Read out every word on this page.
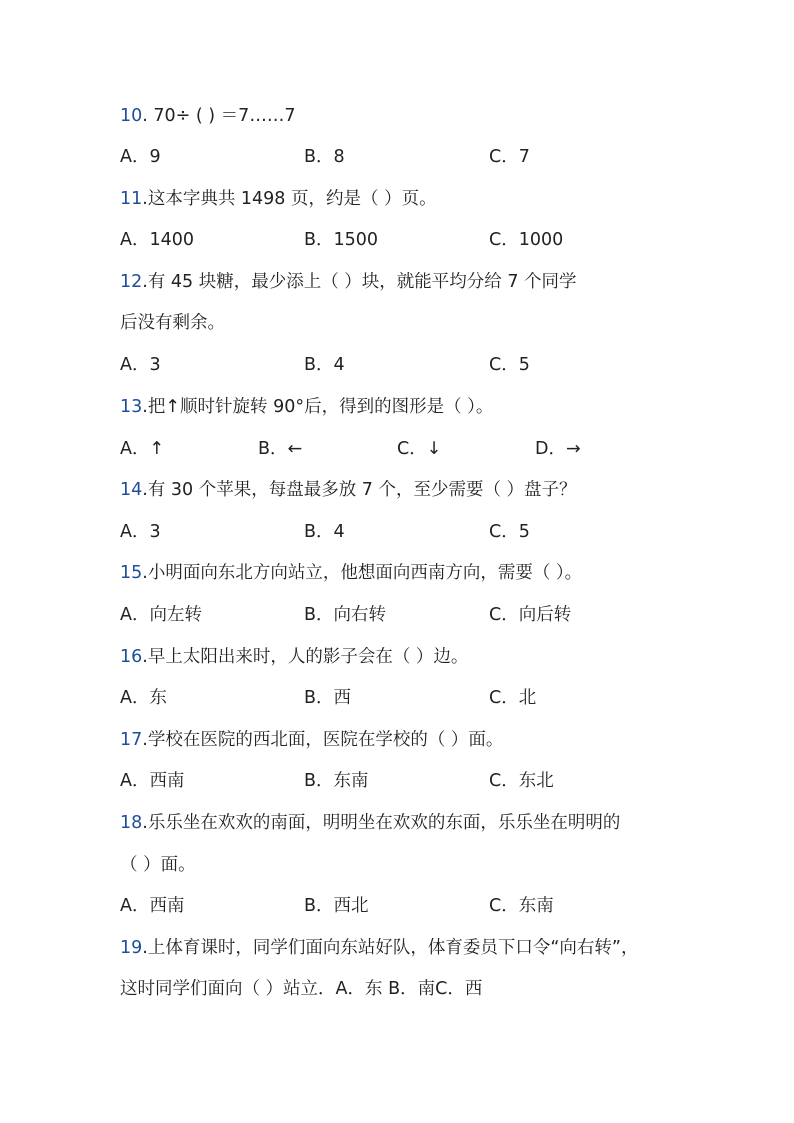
10. 70÷ ( ) ＝7……7
A．9	B．8	C．7
11.这本字典共 1498 页，约是（ ）页。
A．1400	B．1500	C．1000
12.有 45 块糖，最少添上（ ）块，就能平均分给 7 个同学
后没有剩余。
A．3	B．4	C．5
13.把↑顺时针旋转 90°后，得到的图形是（ ）。
A．↑	B．←	C．↓	D．→
14.有 30 个苹果，每盘最多放 7 个，至少需要（ ）盘子？
A．3	B．4	C．5
15.小明面向东北方向站立，他想面向西南方向，需要（ ）。
A．向左转	B．向右转	C．向后转
16.早上太阳出来时，人的影子会在（ ）边。
A．东	B．西	C．北
17.学校在医院的西北面，医院在学校的（ ）面。
A．西南	B．东南	C．东北
18.乐乐坐在欢欢的南面，明明坐在欢欢的东面，乐乐坐在明明的
（ ）面。
A．西南	B．西北	C．东南
19.上体育课时，同学们面向东站好队，体育委员下口令“向右转”，
这时同学们面向（ ）站立．A．东 B．南C．西
